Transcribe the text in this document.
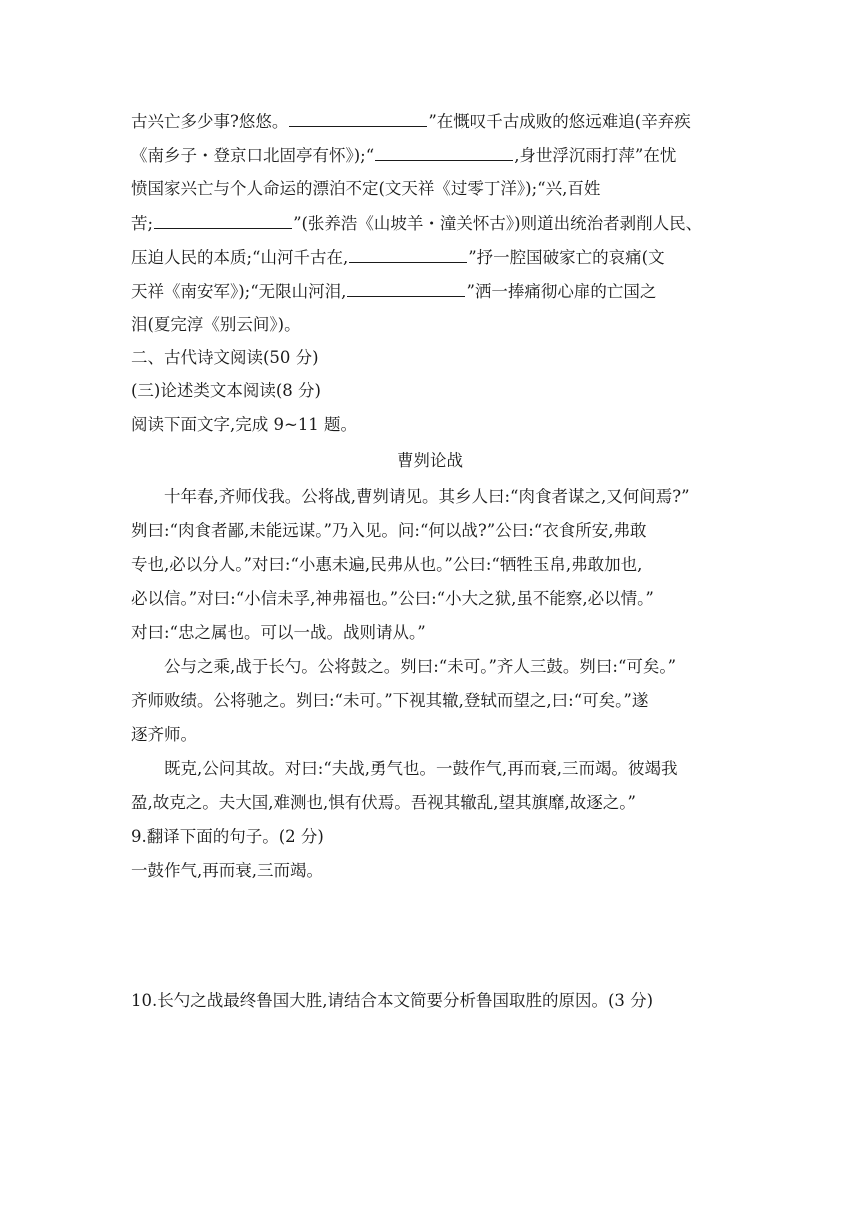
古兴亡多少事?悠悠。	”在慨叹千古成败的悠远难追(辛弃疾
《南乡子・登京口北固亭有怀》);“	,身世浮沉雨打萍”在忧
愤国家兴亡与个人命运的漂泊不定(文天祥《过零丁洋》);“兴,百姓
苦;	”(张养浩《山坡羊・潼关怀古》)则道出统治者剥削人民、
压迫人民的本质;“山河千古在,	”抒一腔国破家亡的哀痛(文
天祥《南安军》);“无限山河泪,	”洒一捧痛彻心扉的亡国之
泪(夏完淳《别云间》)。
二、古代诗文阅读(50 分)
(三)论述类文本阅读(8 分)
阅读下面文字,完成 9~11 题。
曹刿论战
十年春,齐师伐我。公将战,曹刿请见。其乡人曰:“肉食者谋之,又何间焉?”
刿曰:“肉食者鄙,未能远谋。”乃入见。问:“何以战?”公曰:“衣食所安,弗敢
专也,必以分人。”对曰:“小惠未遍,民弗从也。”公曰:“牺牲玉帛,弗敢加也,
必以信。”对曰:“小信未孚,神弗福也。”公曰:“小大之狱,虽不能察,必以情。”
对曰:“忠之属也。可以一战。战则请从。”
公与之乘,战于长勺。公将鼓之。刿曰:“未可。”齐人三鼓。刿曰:“可矣。”
齐师败绩。公将驰之。刿曰:“未可。”下视其辙,登轼而望之,曰:“可矣。”遂
逐齐师。
既克,公问其故。对曰:“夫战,勇气也。一鼓作气,再而衰,三而竭。彼竭我
盈,故克之。夫大国,难测也,惧有伏焉。吾视其辙乱,望其旗靡,故逐之。”
9.翻译下面的句子。(2 分)
一鼓作气,再而衰,三而竭。
10.长勺之战最终鲁国大胜,请结合本文简要分析鲁国取胜的原因。(3 分)
